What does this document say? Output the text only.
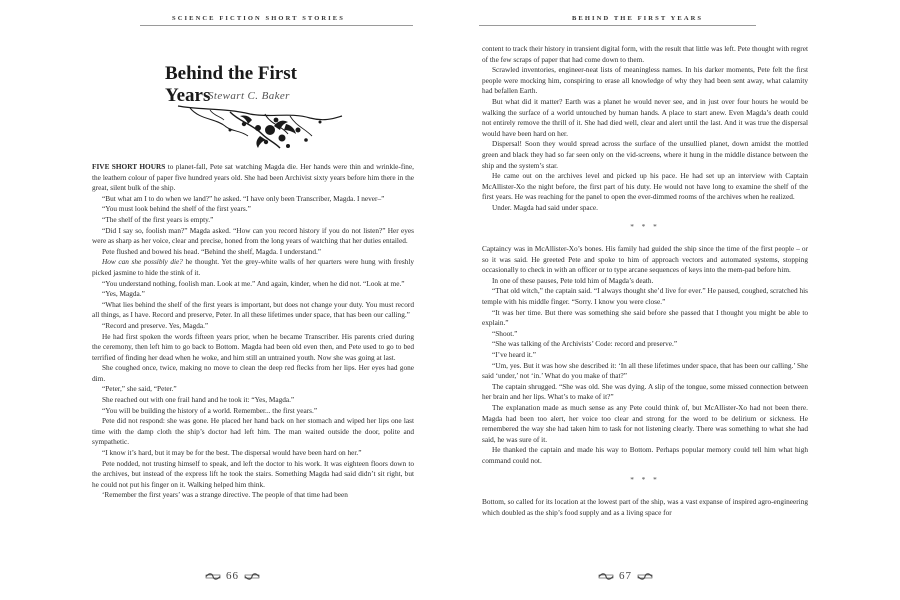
SCIENCE FICTION SHORT STORIES
Behind the First Years

Stewart C. Baker

FIVE SHORT HOURS to planet-fall, Pete sat watching Magda die. Her hands were thin and wrinkle-fine, the leathern colour of paper five hundred years old. She had been Archivist sixty years before him there in the great, silent bulk of the ship.

“But what am I to do when we land?” he asked. “I have only been Transcriber, Magda. I never–”

“You must look behind the shelf of the first years.”

“The shelf of the first years is empty.”

“Did I say so, foolish man?” Magda asked. “How can you record history if you do not listen?” Her eyes were as sharp as her voice, clear and precise, honed from the long years of watching that her duties entailed.

Pete flushed and bowed his head. “Behind the shelf, Magda. I understand.”

How can she possibly die? he thought. Yet the grey-white walls of her quarters were hung with freshly picked jasmine to hide the stink of it.

“You understand nothing, foolish man. Look at me.” And again, kinder, when he did not. “Look at me.”

“Yes, Magda.”

“What lies behind the shelf of the first years is important, but does not change your duty. You must record all things, as I have. Record and preserve, Peter. In all these lifetimes under space, that has been our calling.”

“Record and preserve. Yes, Magda.”

He had first spoken the words fifteen years prior, when he became Transcriber. His parents cried during the ceremony, then left him to go back to Bottom. Magda had been old even then, and Pete used to go to bed terrified of finding her dead when he woke, and him still an untrained youth. Now she was going at last.

She coughed once, twice, making no move to clean the deep red flecks from her lips. Her eyes had gone dim.

“Peter,” she said, “Peter.”

She reached out with one frail hand and he took it: “Yes, Magda.”

“You will be building the history of a world. Remember... the first years.”

Pete did not respond: she was gone. He placed her hand back on her stomach and wiped her lips one last time with the damp cloth the ship’s doctor had left him. The man waited outside the door, polite and sympathetic.

“I know it’s hard, but it may be for the best. The dispersal would have been hard on her.”

Pete nodded, not trusting himself to speak, and left the doctor to his work. It was eighteen floors down to the archives, but instead of the express lift he took the stairs. Something Magda had said didn’t sit right, but he could not put his finger on it. Walking helped him think.

‘Remember the first years’ was a strange directive. The people of that time had been

66
BEHIND THE FIRST YEARS

content to track their history in transient digital form, with the result that little was left. Pete thought with regret of the few scraps of paper that had come down to them.

Scrawled inventories, engineer-neat lists of meaningless names. In his darker moments, Pete felt the first people were mocking him, conspiring to erase all knowledge of why they had been sent away, what calamity had befallen Earth.

But what did it matter? Earth was a planet he would never see, and in just over four hours he would be walking the surface of a world untouched by human hands. A place to start anew. Even Magda’s death could not entirely remove the thrill of it. She had died well, clear and alert until the last. And it was true the dispersal would have been hard on her.

Dispersal! Soon they would spread across the surface of the unsullied planet, down amidst the mottled green and black they had so far seen only on the vid-screens, where it hung in the middle distance between the ship and the system’s star.

He came out on the archives level and picked up his pace. He had set up an interview with Captain McAllister-Xo the night before, the first part of his duty. He would not have long to examine the shelf of the first years. He was reaching for the panel to open the ever-dimmed rooms of the archives when he realized.

Under. Magda had said under space.

* * *

Captaincy was in McAllister-Xo’s bones. His family had guided the ship since the time of the first people – or so it was said. He greeted Pete and spoke to him of approach vectors and automated systems, stopping occasionally to check in with an officer or to type arcane sequences of keys into the mem-pad before him.

In one of these pauses, Pete told him of Magda’s death.

“That old witch,” the captain said. “I always thought she’d live for ever.” He paused, coughed, scratched his temple with his middle finger. “Sorry. I know you were close.”

“It was her time. But there was something she said before she passed that I thought you might be able to explain.”

“Shoot.”

“She was talking of the Archivists’ Code: record and preserve.”

“I’ve heard it.”

“Um, yes. But it was how she described it: ‘In all these lifetimes under space, that has been our calling.’ She said ‘under,’ not ‘in.’ What do you make of that?”

The captain shrugged. “She was old. She was dying. A slip of the tongue, some missed connection between her brain and her lips. What’s to make of it?”

The explanation made as much sense as any Pete could think of, but McAllister-Xo had not been there. Magda had been too alert, her voice too clear and strong for the word to be delirium or sickness. He remembered the way she had taken him to task for not listening clearly. There was something to what she had said, he was sure of it.

He thanked the captain and made his way to Bottom. Perhaps popular memory could tell him what high command could not.

* * *

Bottom, so called for its location at the lowest part of the ship, was a vast expanse of inspired agro-engineering which doubled as the ship’s food supply and as a living space for

67
